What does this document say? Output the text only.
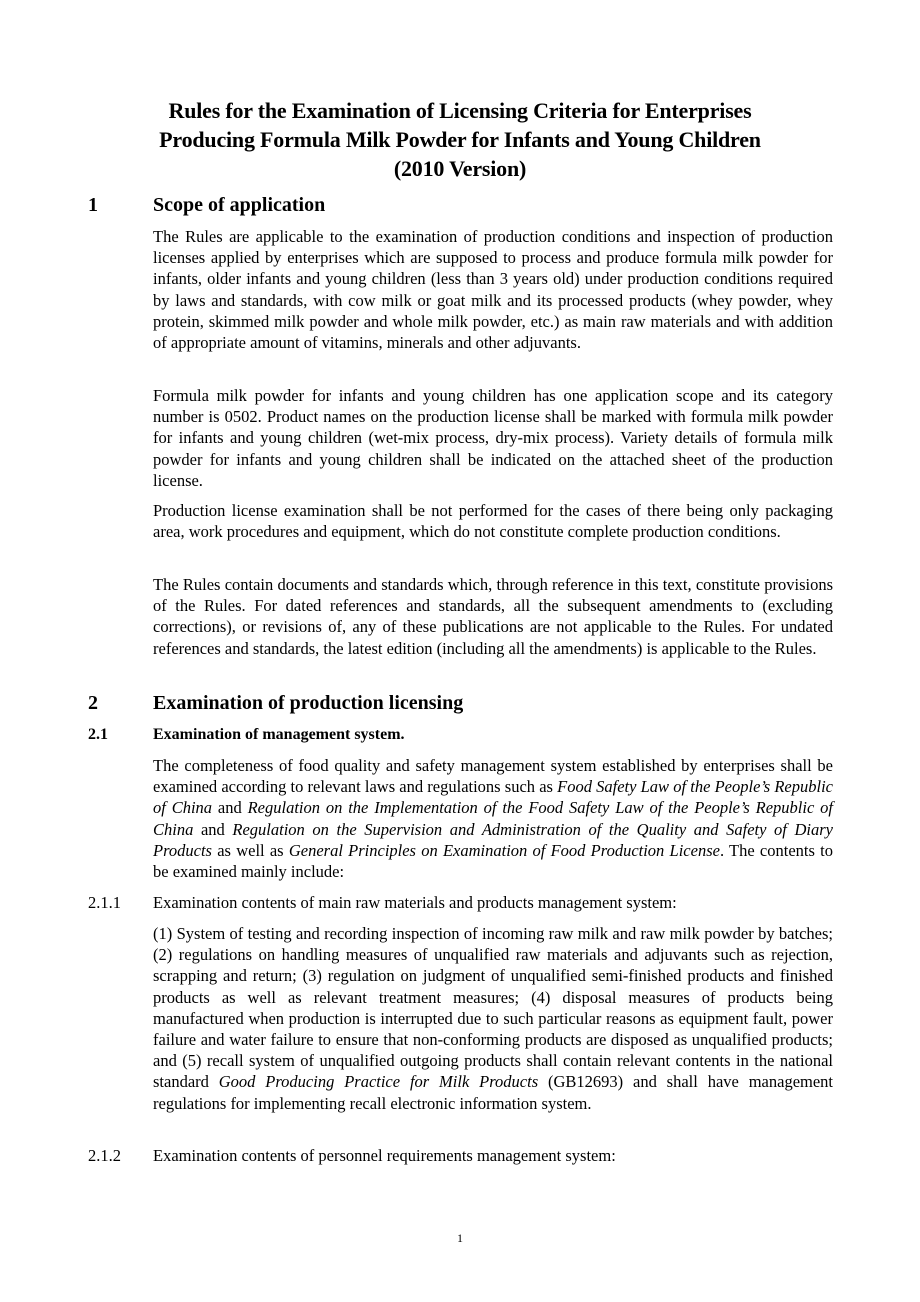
Rules for the Examination of Licensing Criteria for Enterprises
Producing Formula Milk Powder for Infants and Young Children
(2010 Version)
1	Scope of application

The Rules are applicable to the examination of production conditions and inspection of production licenses applied by enterprises which are supposed to process and produce formula milk powder for infants, older infants and young children (less than 3 years old) under production conditions required by laws and standards, with cow milk or goat milk and its processed products (whey powder, whey protein, skimmed milk powder and whole milk powder, etc.) as main raw materials and with addition of appropriate amount of vitamins, minerals and other adjuvants.

Formula milk powder for infants and young children has one application scope and its category number is 0502. Product names on the production license shall be marked with formula milk powder for infants and young children (wet-mix process, dry-mix process). Variety details of formula milk powder for infants and young children shall be indicated on the attached sheet of the production license.

Production license examination shall be not performed for the cases of there being only packaging area, work procedures and equipment, which do not constitute complete production conditions.

The Rules contain documents and standards which, through reference in this text, constitute provisions of the Rules. For dated references and standards, all the subsequent amendments to (excluding corrections), or revisions of, any of these publications are not applicable to the Rules. For undated references and standards, the latest edition (including all the amendments) is applicable to the Rules.

2	Examination of production licensing
2.1	Examination of management system.

The completeness of food quality and safety management system established by enterprises shall be examined according to relevant laws and regulations such as Food Safety Law of the People’s Republic of China and Regulation on the Implementation of the Food Safety Law of the People’s Republic of China and Regulation on the Supervision and Administration of the Quality and Safety of Diary Products as well as General Principles on Examination of Food Production License. The contents to be examined mainly include:

2.1.1 Examination contents of main raw materials and products management system:

(1) System of testing and recording inspection of incoming raw milk and raw milk powder by batches; (2) regulations on handling measures of unqualified raw materials and adjuvants such as rejection, scrapping and return; (3) regulation on judgment of unqualified semi-finished products and finished products as well as relevant treatment measures; (4) disposal measures of products being manufactured when production is interrupted due to such particular reasons as equipment fault, power failure and water failure to ensure that non-conforming products are disposed as unqualified products; and (5) recall system of unqualified outgoing products shall contain relevant contents in the national standard Good Producing Practice for Milk Products (GB12693) and shall have management regulations for implementing recall electronic information system.

2.1.2 Examination contents of personnel requirements management system:
1
